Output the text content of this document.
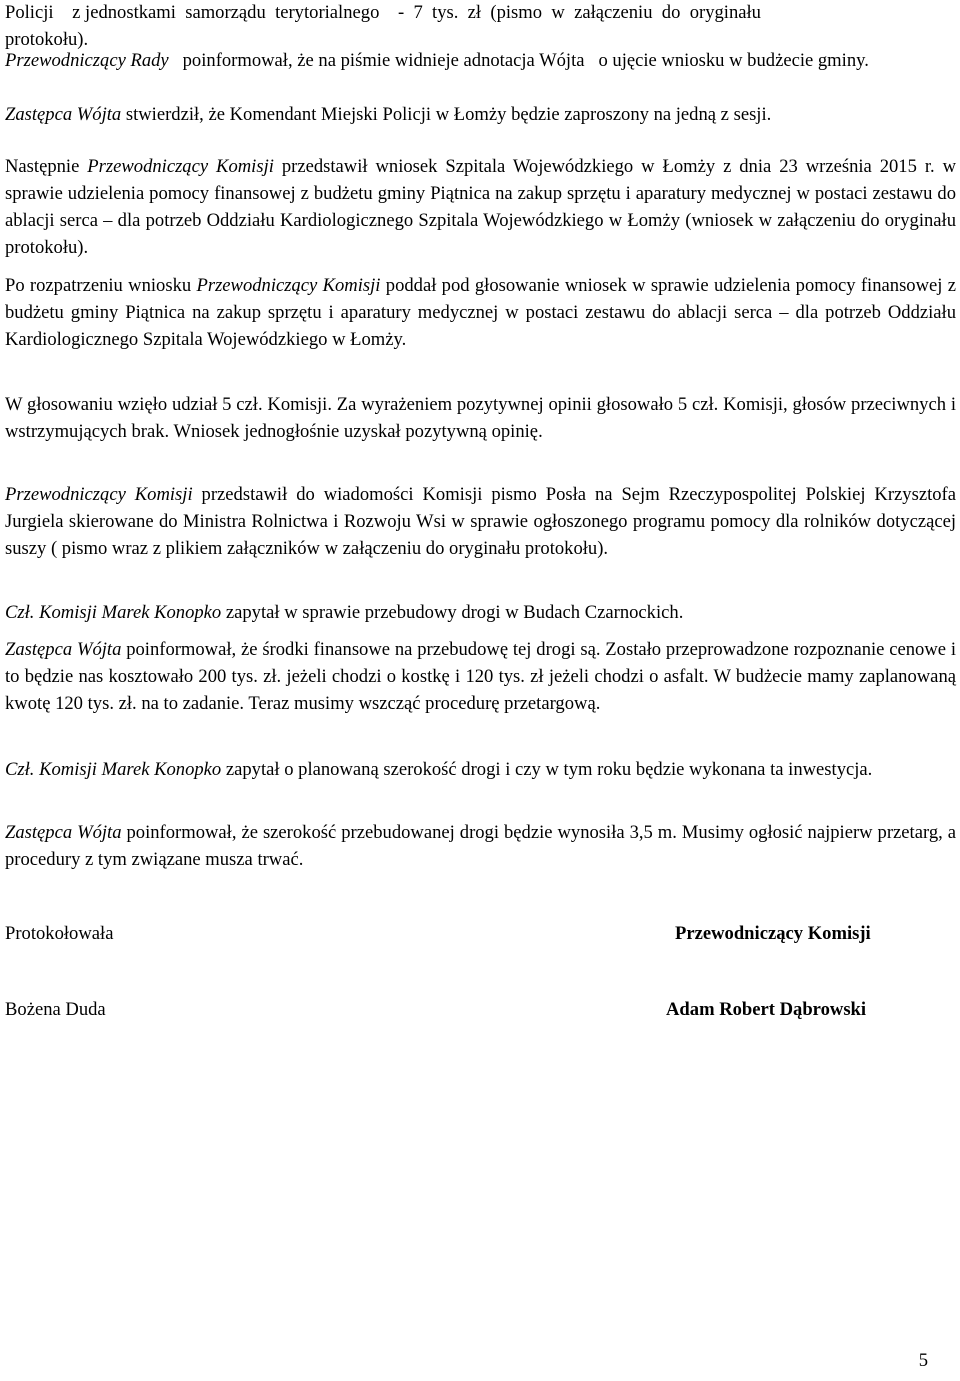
Policji    z jednostkami  samorządu  terytorialnego    -  7  tys.  zł  (pismo  w  załączeniu  do  oryginału

protokołu).

Przewodniczący Rady   poinformował, że na piśmie widnieje adnotacja Wójta   o ujęcie wniosku w budżecie gminy.

Zastępca Wójta stwierdził, że Komendant Miejski Policji w Łomży będzie zaproszony na jedną z sesji.

Następnie Przewodniczący Komisji przedstawił wniosek Szpitala Wojewódzkiego w Łomży z dnia 23 września 2015 r. w sprawie udzielenia pomocy finansowej z budżetu gminy Piątnica na zakup sprzętu i aparatury medycznej w postaci zestawu do ablacji serca – dla potrzeb Oddziału Kardiologicznego Szpitala Wojewódzkiego w Łomży (wniosek w załączeniu do oryginału protokołu).

Po rozpatrzeniu wniosku Przewodniczący Komisji poddał pod głosowanie wniosek w sprawie udzielenia pomocy finansowej z budżetu gminy Piątnica na zakup sprzętu i aparatury medycznej w postaci zestawu do ablacji serca – dla potrzeb Oddziału Kardiologicznego Szpitala Wojewódzkiego w Łomży.

W głosowaniu wzięło udział 5 czł. Komisji. Za wyrażeniem pozytywnej opinii głosowało 5 czł. Komisji, głosów przeciwnych i wstrzymujących brak. Wniosek jednogłośnie uzyskał pozytywną opinię.

Przewodniczący Komisji przedstawił do wiadomości Komisji pismo Posła na Sejm Rzeczypospolitej Polskiej Krzysztofa Jurgiela skierowane do Ministra Rolnictwa i Rozwoju Wsi w sprawie ogłoszonego programu pomocy dla rolników dotyczącej suszy ( pismo wraz z plikiem załączników w załączeniu do oryginału protokołu).

Czł. Komisji Marek Konopko zapytał w sprawie przebudowy drogi w Budach Czarnockich.

Zastępca Wójta poinformował, że środki finansowe na przebudowę tej drogi są. Zostało przeprowadzone rozpoznanie cenowe i to będzie nas kosztowało 200 tys. zł. jeżeli chodzi o kostkę i 120 tys. zł jeżeli chodzi o asfalt. W budżecie mamy zaplanowaną kwotę 120 tys. zł. na to zadanie. Teraz musimy wszcząć procedurę przetargową.

Czł. Komisji Marek Konopko zapytał o planowaną szerokość drogi i czy w tym roku będzie wykonana ta inwestycja.

Zastępca Wójta poinformował, że szerokość przebudowanej drogi będzie wynosiła 3,5 m. Musimy ogłosić najpierw przetarg, a procedury z tym związane musza trwać.

Protokołowała	Przewodniczący Komisji
Bożena Duda	Adam Robert Dąbrowski
5
